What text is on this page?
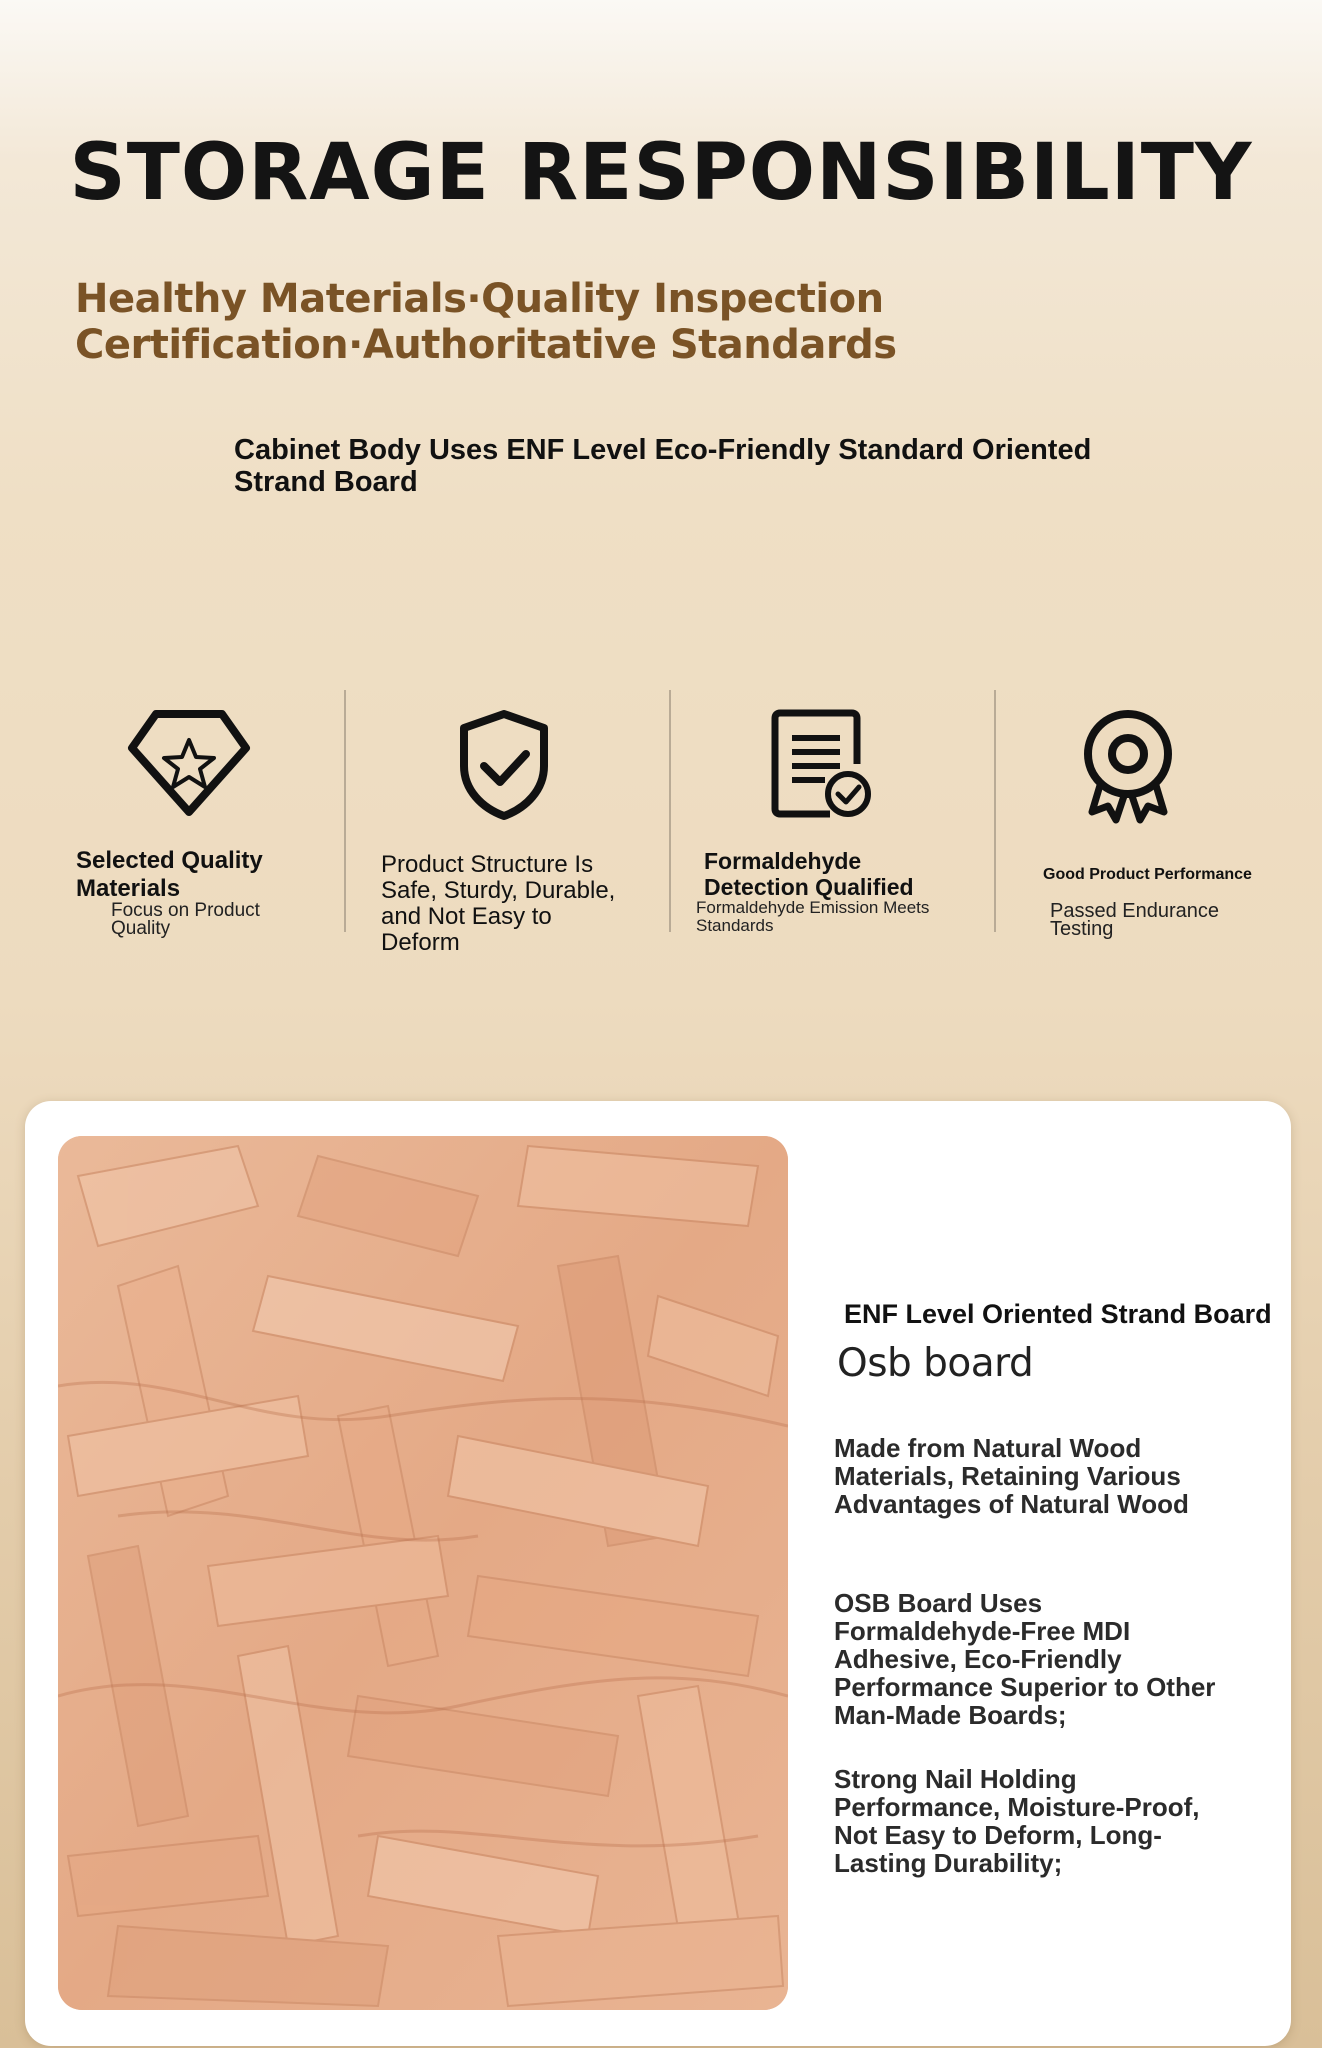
STORAGE RESPONSIBILITY
Healthy Materials·Quality Inspection
Certification·Authoritative Standards

Cabinet Body Uses ENF Level Eco-Friendly Standard Oriented Strand Board

Selected Quality Materials

Focus on Product Quality

Product Structure Is Safe, Sturdy, Durable, and Not Easy to Deform

Formaldehyde Detection Qualified

Formaldehyde Emission Meets Standards

Good Product Performance

Passed Endurance Testing

ENF Level Oriented Strand Board

Osb board

Made from Natural Wood Materials, Retaining Various Advantages of Natural Wood

OSB Board Uses Formaldehyde-Free MDI Adhesive, Eco-Friendly Performance Superior to Other Man-Made Boards;

Strong Nail Holding Performance, Moisture-Proof, Not Easy to Deform, Long-Lasting Durability;
